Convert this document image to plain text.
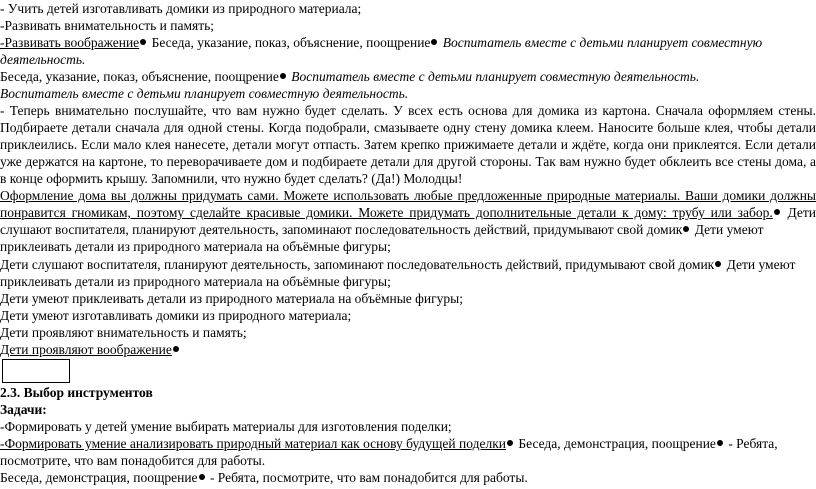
- Учить детей изготавливать домики из природного материала;
-Развивать внимательность и память;
-Развивать воображение Беседа, указание, показ, объяснение, поощрение Воспитатель вместе с детьми планирует совместную
деятельность.
Беседа, указание, показ, объяснение, поощрение Воспитатель вместе с детьми планирует совместную деятельность.
Воспитатель вместе с детьми планирует совместную деятельность.
- Теперь внимательно послушайте, что вам нужно будет сделать. У всех есть основа для домика из картона. Сначала оформляем стены.
Подбираете детали сначала для одной стены. Когда подобрали, смазываете одну стену домика клеем. Наносите больше клея, чтобы детали
приклеились. Если мало клея нанесете, детали могут отпасть. Затем крепко прижимаете детали и ждёте, когда они приклеятся. Если детали
уже держатся на картоне, то переворачиваете дом и подбираете детали для другой стороны. Так вам нужно будет обклеить все стены дома, а
в конце оформить крышу. Запомнили, что нужно будет сделать? (Да!) Молодцы!
Оформление дома вы должны придумать сами. Можете использовать любые предложенные природные материалы. Ваши домики должны
понравится гномикам, поэтому сделайте красивые домики. Можете придумать дополнительные детали к дому: трубу или забор. Дети
слушают воспитателя, планируют деятельность, запоминают последовательность действий, придумывают свой домик Дети умеют
приклеивать детали из природного материала на объёмные фигуры;
Дети слушают воспитателя, планируют деятельность, запоминают последовательность действий, придумывают свой домик Дети умеют
приклеивать детали из природного материала на объёмные фигуры;
Дети умеют приклеивать детали из природного материала на объёмные фигуры;
Дети умеют изготавливать домики из природного материала;
Дети проявляют внимательность и память;
Дети проявляют воображение
2.3. Выбор инструментов
Задачи:
-Формировать у детей умение выбирать материалы для изготовления поделки;
-Формировать умение анализировать природный материал как основу будущей поделки Беседа, демонстрация, поощрение - Ребята,
посмотрите, что вам понадобится для работы.
Беседа, демонстрация, поощрение - Ребята, посмотрите, что вам понадобится для работы.
